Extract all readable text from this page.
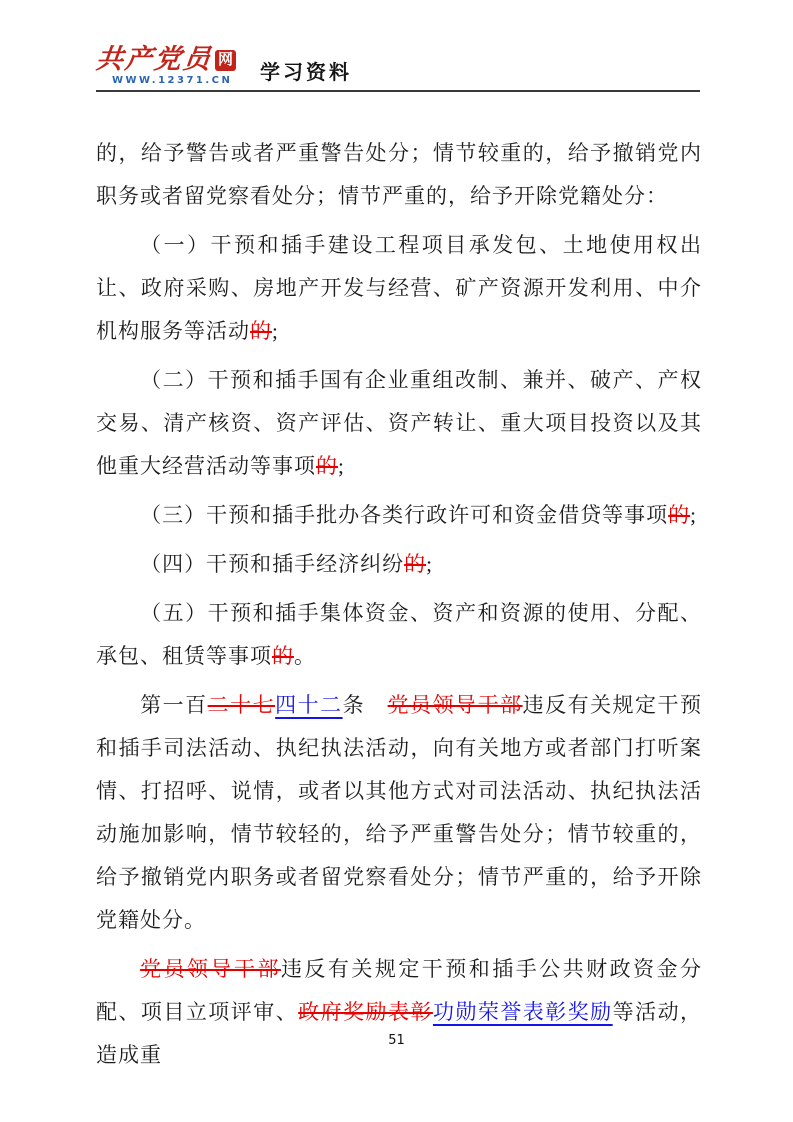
共产党员 网
WWW.12371.CN 学习资料

的，给予警告或者严重警告处分；情节较重的，给予撤销党内职务或者留党察看处分；情节严重的，给予开除党籍处分：

（一）干预和插手建设工程项目承发包、土地使用权出让、政府采购、房地产开发与经营、矿产资源开发利用、中介机构服务等活动的;

（二）干预和插手国有企业重组改制、兼并、破产、产权交易、清产核资、资产评估、资产转让、重大项目投资以及其他重大经营活动等事项的;

（三）干预和插手批办各类行政许可和资金借贷等事项的;

（四）干预和插手经济纠纷的;

（五）干预和插手集体资金、资产和资源的使用、分配、承包、租赁等事项的。

第一百二十七四十二条　党员领导干部违反有关规定干预和插手司法活动、执纪执法活动，向有关地方或者部门打听案情、打招呼、说情，或者以其他方式对司法活动、执纪执法活动施加影响，情节较轻的，给予严重警告处分；情节较重的，给予撤销党内职务或者留党察看处分；情节严重的，给予开除党籍处分。

党员领导干部违反有关规定干预和插手公共财政资金分配、项目立项评审、政府奖励表彰功勋荣誉表彰奖励等活动，造成重

51
